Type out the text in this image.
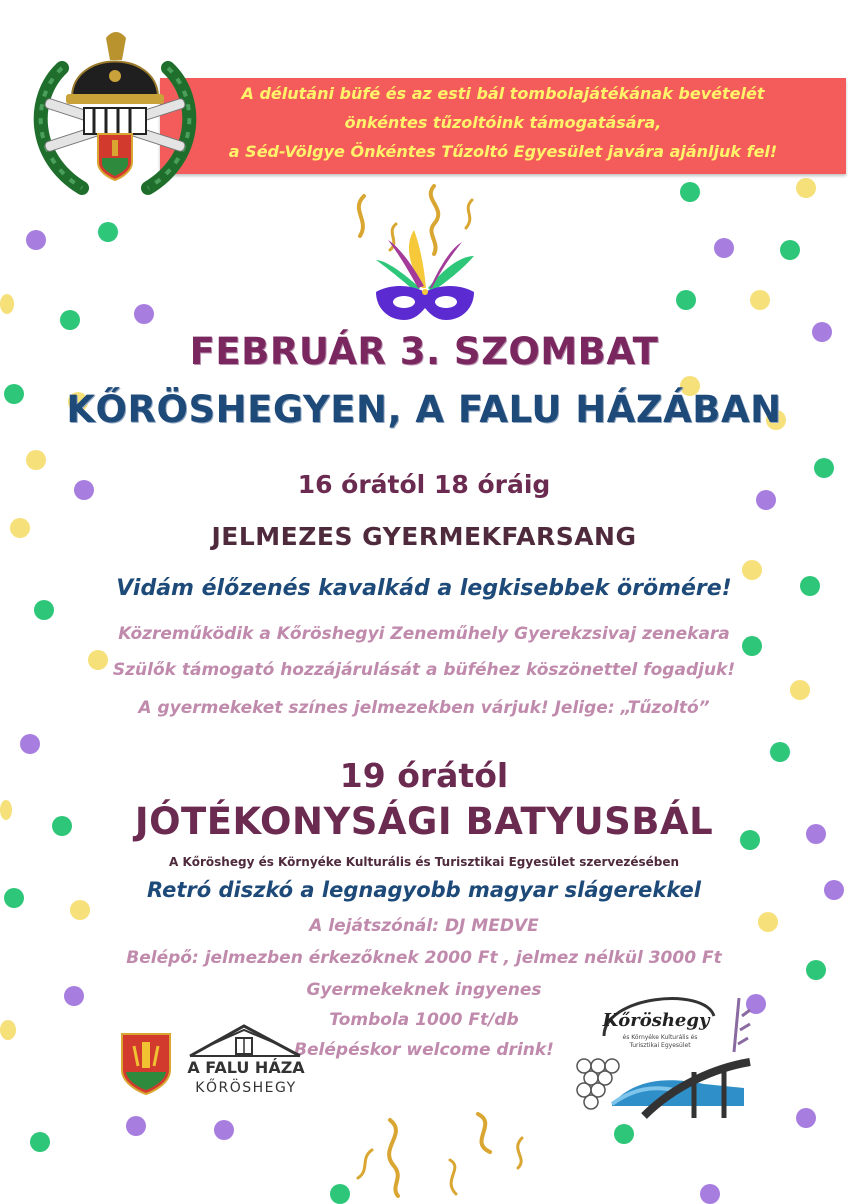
A délutáni büfé és az esti bál tombolajátékának bevételét
önkéntes tűzoltóink támogatására,
a Séd-Völgye Önkéntes Tűzoltó Egyesület javára ajánljuk fel!
FEBRUÁR 3. SZOMBAT
KŐRÖSHEGYEN, A FALU HÁZÁBAN
16 órától 18 óráig
JELMEZES GYERMEKFARSANG
Vidám élőzenés kavalkád a legkisebbek örömére!
Közreműködik a Kőröshegyi Zeneműhely Gyerekzsivaj zenekara
Szülők támogató hozzájárulását a büféhez köszönettel fogadjuk!
A gyermekeket színes jelmezekben várjuk! Jelige: „Tűzoltó”
19 órától
JÓTÉKONYSÁGI BATYUSBÁL
A Kőröshegy és Környéke Kulturális és Turisztikai Egyesület szervezésében
Retró diszkó a legnagyobb magyar slágerekkel
A lejátszónál: DJ MEDVE
Belépő: jelmezben érkezőknek 2000 Ft , jelmez nélkül 3000 Ft
Gyermekeknek ingyenes
Tombola 1000 Ft/db
Belépéskor welcome drink!
A FALU HÁZA
KŐRÖSHEGY
Kőröshegy
és Környéke Kulturális és Turisztikai Egyesület
